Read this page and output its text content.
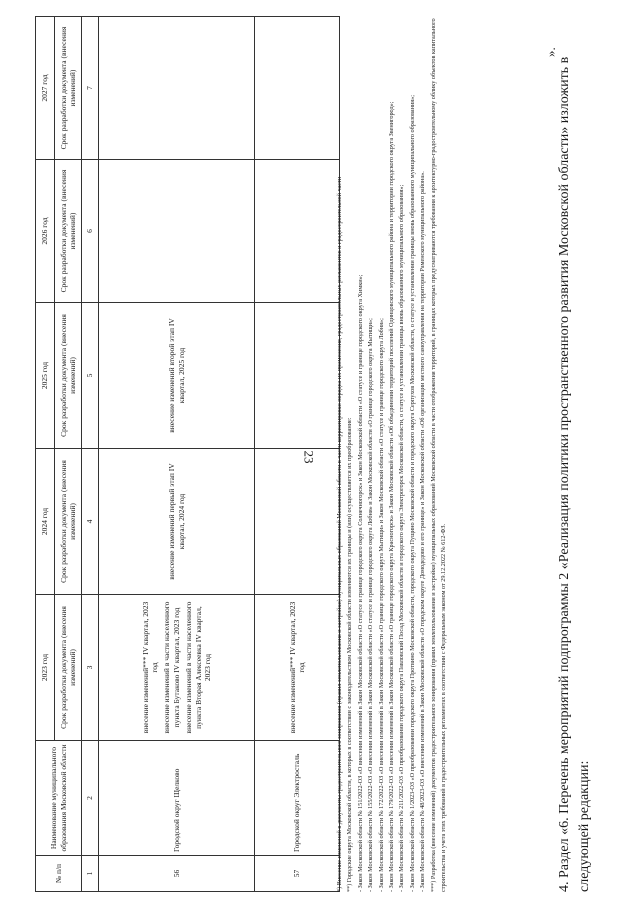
23
№ п/п	Наименование муниципального образования Московской области	2023 год	2024 год	2025 год	2026 год	2027 год
		Срок разработки документа (внесения изменений)	Срок разработки документа (внесения изменений)	Срок разработки документа (внесения изменений)	Срок разработки документа (внесения изменений)	Срок разработки документа (внесения изменений)
1	2	3	4	5	6	7
56	Городской округ Щелково	внесение изменений*** IV квартал, 2023 год внесение изменений в части населенного пункта Бутаково IV квартал, 2023 год внесение изменений в части населенного пункта Вторая Алексеевка IV квартал, 2023 год	внесение изменений первый этап IV квартал, 2024 год	внесение изменений второй этап IV квартал, 2025 год		
57	Городской округ Электросталь	внесение изменений*** IV квартал, 2023 год				
					*) Внесение изменений в документы градостроительного зонирования (правил землепользования и застройки) муниципальных образований Московской области в части корректировки порядка их применения, градостроительных регламентов и градостроительной части **) Городские округа Московской области, в которых в соответствии с законодательством Московской области изменяются их границы и (или) осуществляется их преобразование: - Закон Московской области № 151/2022-ОЗ «О внесении изменений в Закон Московской области «О статусе и границе городского округа Солнечногорск» и Закон Московской области «О статусе и границе городского округа Химки»; - Закон Московской области № 155/2022-ОЗ «О внесении изменений в Закон Московской области «О статусе и границе городского округа Лобня» и Закон Московской области «О границе городского округа Мытищи»; - Закон Московской области № 172/2022-ОЗ «О внесении изменений в Закон Московской области «О границе городского округа Мытищи» и Закон Московской области «О статусе и границе городского округа Лобня»; - Закон Московской области № 179/2022-ОЗ «О внесении изменений в Закон Московской области «О границе городского округа Красногорск» и Закон Московской области «Об объединении территорий поселений Одинцовского муниципального района и территории городского округа Звенигород»; - Закон Московской области № 211/2022-ОЗ «О преобразовании городского округа Павловский Посад Московской области и городского округа Электрогорск Московской области, о статусе и установлении границы вновь образованного муниципального образования»; - Закон Московской области № 1/2023-ОЗ «О преобразовании городского округа Протвино Московской области, городского округа Пущино Московской области и городского округа Серпухов Московской области, о статусе и установлении границы вновь образованного муниципального образования»; - Закон Московской области № 48/2023-ОЗ «О внесении изменений в Закон Московской области «О городском округе Домодедово и его границе» и Закон Московской области «Об организации местного самоуправления на территории Раменского муниципального района». ***) Разработка (внесение изменений) документов градостроительного зонирования (правил землепользования и застройки) муниципальных образований Московской области в части отображения территорий, в границах которых предусматриваются требования к архитектурно-градостроительному облику объектов капитального строительства и учета этих требований в градостроительных регламентах в соответствии с Федеральным законом от 29.12.2022 № 612-ФЗ.

».
4. Раздел «6. Перечень мероприятий подпрограммы 2 «Реализация политики пространственного развития Московской области» изложить в следующей редакции:
